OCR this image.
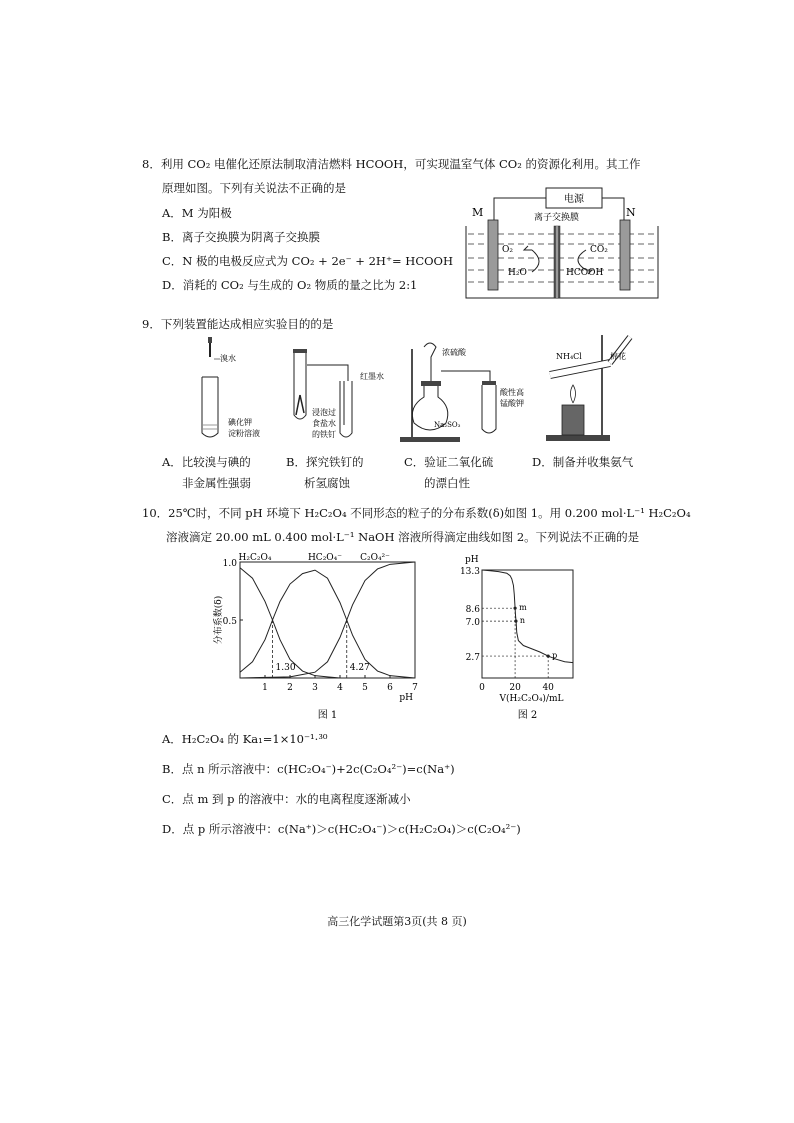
8．利用 CO₂ 电催化还原法制取清洁燃料 HCOOH，可实现温室气体 CO₂ 的资源化利用。其工作
原理如图。下列有关说法不正确的是
A．M 为阳极
B．离子交换膜为阴离子交换膜
C．N 极的电极反应式为 CO₂ + 2e⁻ + 2H⁺= HCOOH
D．消耗的 CO₂ 与生成的 O₂ 物质的量之比为 2:1
电源
M	N
离子交换膜
O₂
H₂O
CO₂
HCOOH
9．下列装置能达成相应实验目的的是
溴水
碘化钾
淀粉溶液
红墨水
浸泡过
食盐水
的铁钉
浓硫酸
Na₂SO₃
酸性高
锰酸钾
NH₄Cl	棉花
A．比较溴与碘的
非金属性强弱
B．探究铁钉的
析氢腐蚀
C．验证二氧化硫
的漂白性
D．制备并收集氨气
10．25℃时，不同 pH 环境下 H₂C₂O₄ 不同形态的粒子的分布系数(δ)如图 1。用 0.200 mol·L⁻¹ H₂C₂O₄
溶液滴定 20.00 mL 0.400 mol·L⁻¹ NaOH 溶液所得滴定曲线如图 2。下列说法不正确的是
1 2 3 4 5 6 7
pH
1.0
0.5
分布系数(δ)
1.30	4.27
H₂C₂O₄	HC₂O₄⁻ C₂O₄²⁻
图 1
pH
0	20 40
V(H₂C₂O₄)/mL
13.3
8.6
7.0
2.7
m
n
p
图 2
A．H₂C₂O₄ 的 Ka₁=1×10⁻¹·³⁰
B．点 n 所示溶液中：c(HC₂O₄⁻)+2c(C₂O₄²⁻)=c(Na⁺)
C．点 m 到 p 的溶液中：水的电离程度逐渐减小
D．点 p 所示溶液中：c(Na⁺)＞c(HC₂O₄⁻)＞c(H₂C₂O₄)＞c(C₂O₄²⁻)
高三化学试题第3页(共 8 页)
